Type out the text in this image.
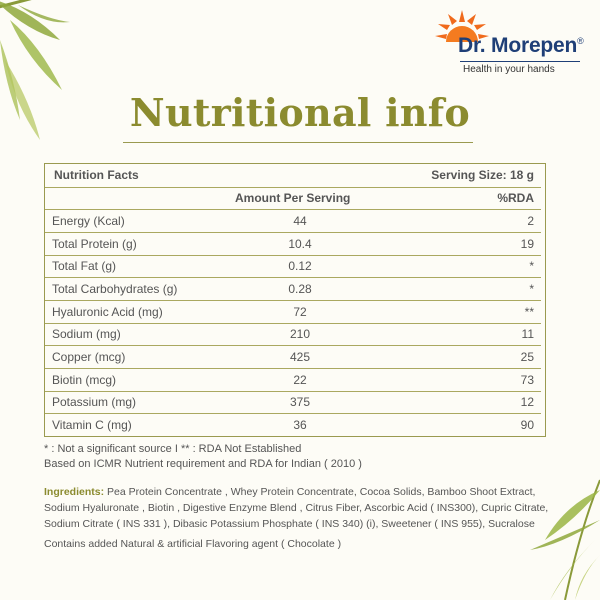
Dr. Morepen®
Health in your hands
Nutritional info
Nutrition Facts	Serving Size: 18 g
Amount Per Serving	%RDA
Energy (Kcal)	44	2
Total Protein (g)	10.4	19
Total Fat (g)	0.12	*
Total Carbohydrates (g)	0.28	*
Hyaluronic Acid (mg)	72	**
Sodium (mg)	210	11
Copper (mcg)	425	25
Biotin (mcg)	22	73
Potassium (mg)	375	12
Vitamin C (mg)	36	90
* : Not a significant source I ** : RDA Not Established
Based on ICMR Nutrient requirement and RDA for Indian ( 2010 )
Ingredients: Pea Protein Concentrate , Whey Protein Concentrate, Cocoa Solids, Bamboo Shoot Extract, Sodium Hyaluronate , Biotin , Digestive Enzyme Blend , Citrus Fiber, Ascorbic Acid ( INS300), Cupric Citrate, Sodium Citrate ( INS 331 ), Dibasic Potassium Phosphate ( INS 340) (i), Sweetener ( INS 955), Sucralose
Contains added Natural & artificial Flavoring agent ( Chocolate )
